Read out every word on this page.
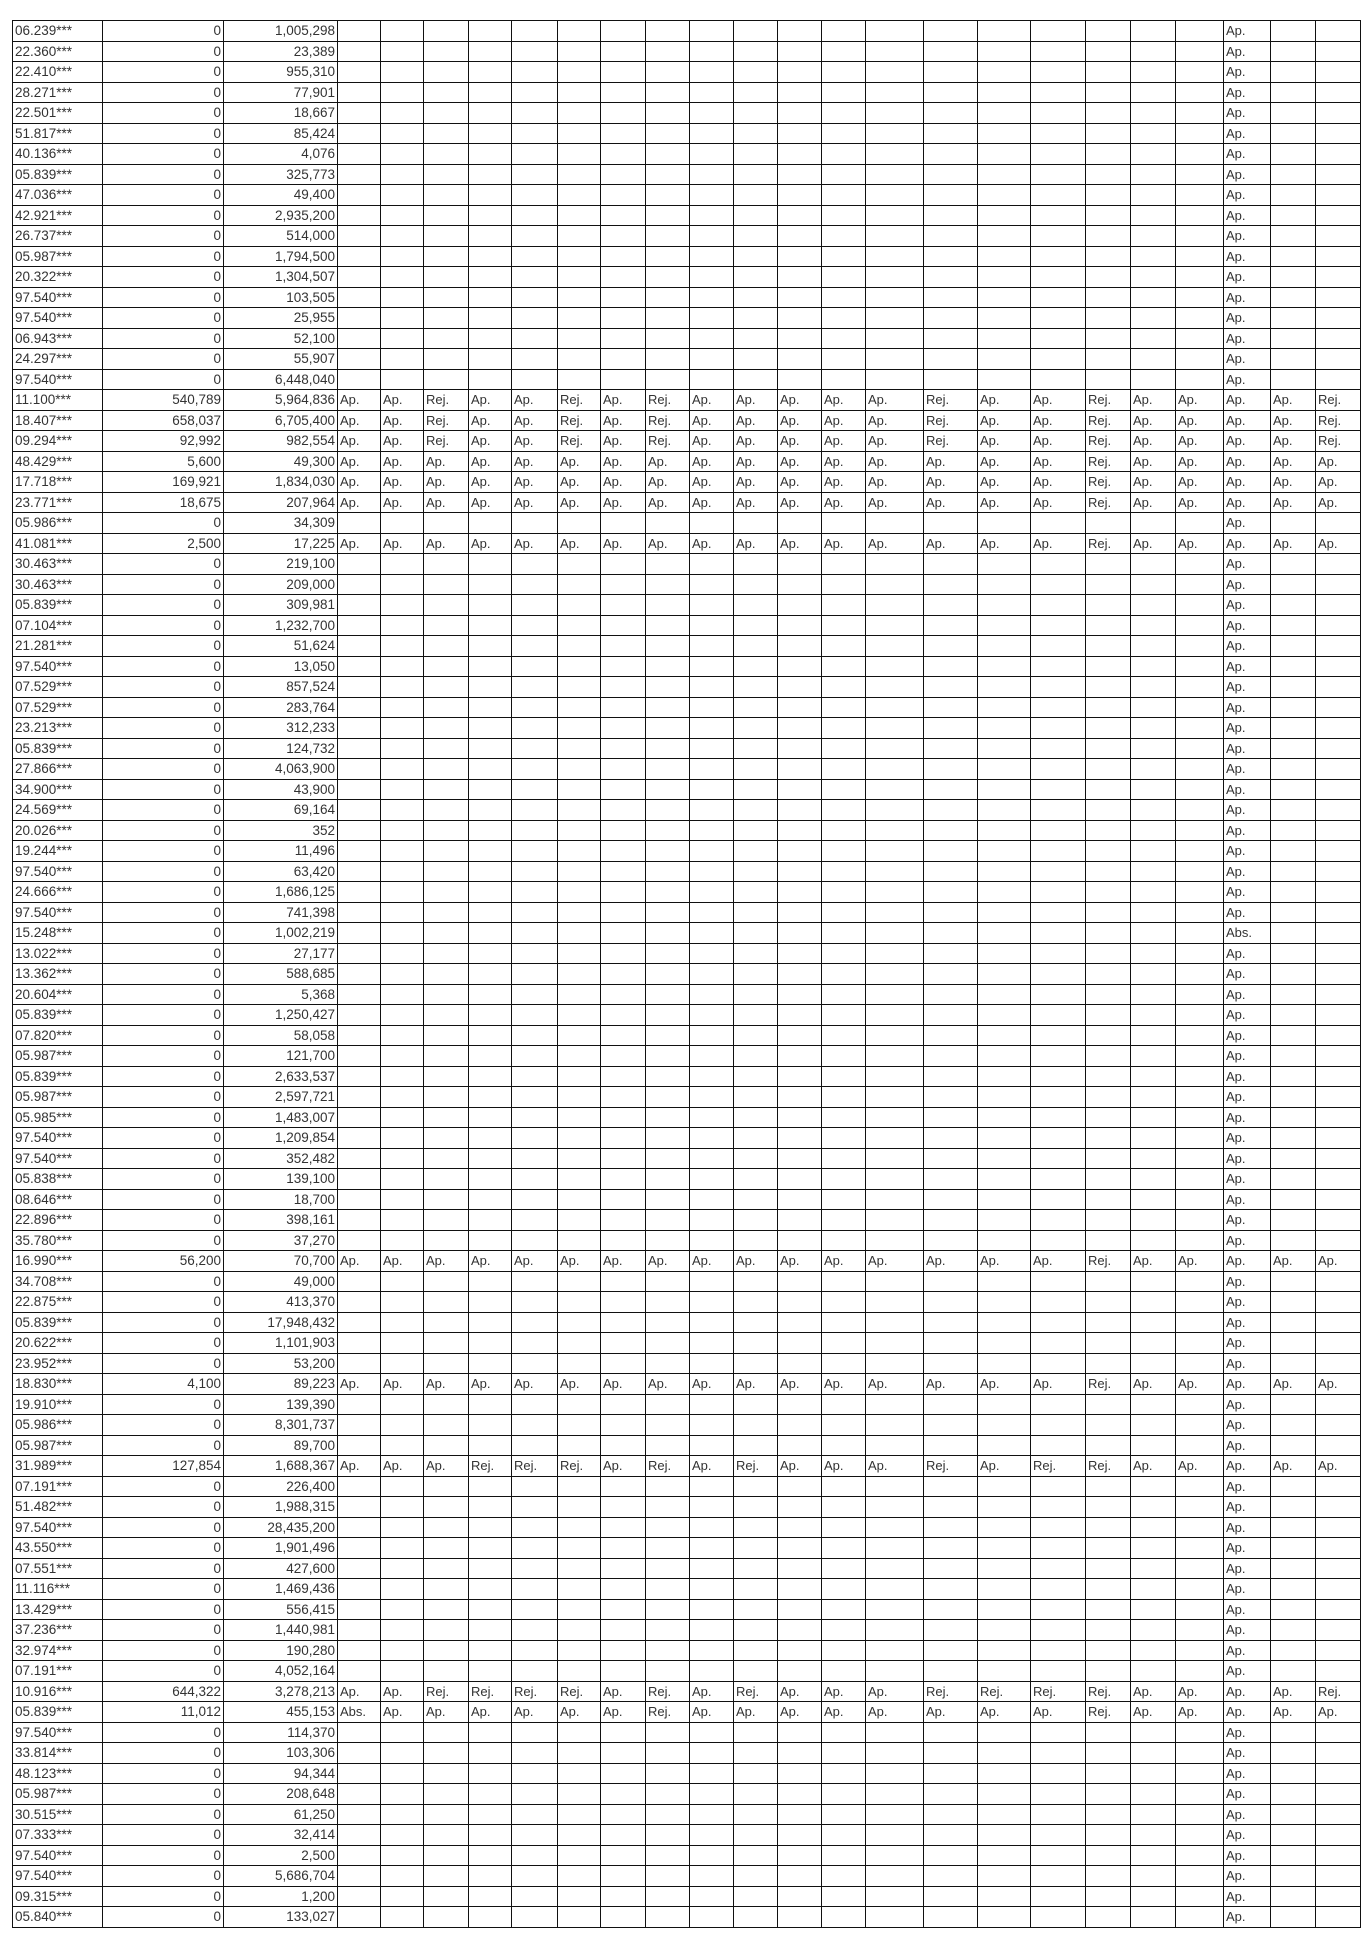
06.239***	0	1,005,298																				Ap.		
22.360***	0	23,389																				Ap.		
22.410***	0	955,310																				Ap.		
28.271***	0	77,901																				Ap.		
22.501***	0	18,667																				Ap.		
51.817***	0	85,424																				Ap.		
40.136***	0	4,076																				Ap.		
05.839***	0	325,773																				Ap.		
47.036***	0	49,400																				Ap.		
42.921***	0	2,935,200																				Ap.		
26.737***	0	514,000																				Ap.		
05.987***	0	1,794,500																				Ap.		
20.322***	0	1,304,507																				Ap.		
97.540***	0	103,505																				Ap.		
97.540***	0	25,955																				Ap.		
06.943***	0	52,100																				Ap.		
24.297***	0	55,907																				Ap.		
97.540***	0	6,448,040																				Ap.		
11.100***	540,789	5,964,836	Ap.	Ap.	Rej.	Ap.	Ap.	Rej.	Ap.	Rej.	Ap.	Ap.	Ap.	Ap.	Ap.	Rej.	Ap.	Ap.	Rej.	Ap.	Ap.	Ap.	Ap.	Rej.
18.407***	658,037	6,705,400	Ap.	Ap.	Rej.	Ap.	Ap.	Rej.	Ap.	Rej.	Ap.	Ap.	Ap.	Ap.	Ap.	Rej.	Ap.	Ap.	Rej.	Ap.	Ap.	Ap.	Ap.	Rej.
09.294***	92,992	982,554	Ap.	Ap.	Rej.	Ap.	Ap.	Rej.	Ap.	Rej.	Ap.	Ap.	Ap.	Ap.	Ap.	Rej.	Ap.	Ap.	Rej.	Ap.	Ap.	Ap.	Ap.	Rej.
48.429***	5,600	49,300	Ap.	Ap.	Ap.	Ap.	Ap.	Ap.	Ap.	Ap.	Ap.	Ap.	Ap.	Ap.	Ap.	Ap.	Ap.	Ap.	Rej.	Ap.	Ap.	Ap.	Ap.	Ap.
17.718***	169,921	1,834,030	Ap.	Ap.	Ap.	Ap.	Ap.	Ap.	Ap.	Ap.	Ap.	Ap.	Ap.	Ap.	Ap.	Ap.	Ap.	Ap.	Rej.	Ap.	Ap.	Ap.	Ap.	Ap.
23.771***	18,675	207,964	Ap.	Ap.	Ap.	Ap.	Ap.	Ap.	Ap.	Ap.	Ap.	Ap.	Ap.	Ap.	Ap.	Ap.	Ap.	Ap.	Rej.	Ap.	Ap.	Ap.	Ap.	Ap.
05.986***	0	34,309																				Ap.		
41.081***	2,500	17,225	Ap.	Ap.	Ap.	Ap.	Ap.	Ap.	Ap.	Ap.	Ap.	Ap.	Ap.	Ap.	Ap.	Ap.	Ap.	Ap.	Rej.	Ap.	Ap.	Ap.	Ap.	Ap.
30.463***	0	219,100																				Ap.		
30.463***	0	209,000																				Ap.		
05.839***	0	309,981																				Ap.		
07.104***	0	1,232,700																				Ap.		
21.281***	0	51,624																				Ap.		
97.540***	0	13,050																				Ap.		
07.529***	0	857,524																				Ap.		
07.529***	0	283,764																				Ap.		
23.213***	0	312,233																				Ap.		
05.839***	0	124,732																				Ap.		
27.866***	0	4,063,900																				Ap.		
34.900***	0	43,900																				Ap.		
24.569***	0	69,164																				Ap.		
20.026***	0	352																				Ap.		
19.244***	0	11,496																				Ap.		
97.540***	0	63,420																				Ap.		
24.666***	0	1,686,125																				Ap.		
97.540***	0	741,398																				Ap.		
15.248***	0	1,002,219																				Abs.		
13.022***	0	27,177																				Ap.		
13.362***	0	588,685																				Ap.		
20.604***	0	5,368																				Ap.		
05.839***	0	1,250,427																				Ap.		
07.820***	0	58,058																				Ap.		
05.987***	0	121,700																				Ap.		
05.839***	0	2,633,537																				Ap.		
05.987***	0	2,597,721																				Ap.		
05.985***	0	1,483,007																				Ap.		
97.540***	0	1,209,854																				Ap.		
97.540***	0	352,482																				Ap.		
05.838***	0	139,100																				Ap.		
08.646***	0	18,700																				Ap.		
22.896***	0	398,161																				Ap.		
35.780***	0	37,270																				Ap.		
16.990***	56,200	70,700	Ap.	Ap.	Ap.	Ap.	Ap.	Ap.	Ap.	Ap.	Ap.	Ap.	Ap.	Ap.	Ap.	Ap.	Ap.	Ap.	Rej.	Ap.	Ap.	Ap.	Ap.	Ap.
34.708***	0	49,000																				Ap.		
22.875***	0	413,370																				Ap.		
05.839***	0	17,948,432																				Ap.		
20.622***	0	1,101,903																				Ap.		
23.952***	0	53,200																				Ap.		
18.830***	4,100	89,223	Ap.	Ap.	Ap.	Ap.	Ap.	Ap.	Ap.	Ap.	Ap.	Ap.	Ap.	Ap.	Ap.	Ap.	Ap.	Ap.	Rej.	Ap.	Ap.	Ap.	Ap.	Ap.
19.910***	0	139,390																				Ap.		
05.986***	0	8,301,737																				Ap.		
05.987***	0	89,700																				Ap.		
31.989***	127,854	1,688,367	Ap.	Ap.	Ap.	Rej.	Rej.	Rej.	Ap.	Rej.	Ap.	Rej.	Ap.	Ap.	Ap.	Rej.	Ap.	Rej.	Rej.	Ap.	Ap.	Ap.	Ap.	Ap.
07.191***	0	226,400																				Ap.		
51.482***	0	1,988,315																				Ap.		
97.540***	0	28,435,200																				Ap.		
43.550***	0	1,901,496																				Ap.		
07.551***	0	427,600																				Ap.		
11.116***	0	1,469,436																				Ap.		
13.429***	0	556,415																				Ap.		
37.236***	0	1,440,981																				Ap.		
32.974***	0	190,280																				Ap.		
07.191***	0	4,052,164																				Ap.		
10.916***	644,322	3,278,213	Ap.	Ap.	Rej.	Rej.	Rej.	Rej.	Ap.	Rej.	Ap.	Rej.	Ap.	Ap.	Ap.	Rej.	Rej.	Rej.	Rej.	Ap.	Ap.	Ap.	Ap.	Rej.
05.839***	11,012	455,153	Abs.	Ap.	Ap.	Ap.	Ap.	Ap.	Ap.	Rej.	Ap.	Ap.	Ap.	Ap.	Ap.	Ap.	Ap.	Ap.	Rej.	Ap.	Ap.	Ap.	Ap.	Ap.
97.540***	0	114,370																				Ap.		
33.814***	0	103,306																				Ap.		
48.123***	0	94,344																				Ap.		
05.987***	0	208,648																				Ap.		
30.515***	0	61,250																				Ap.		
07.333***	0	32,414																				Ap.		
97.540***	0	2,500																				Ap.		
97.540***	0	5,686,704																				Ap.		
09.315***	0	1,200																				Ap.		
05.840***	0	133,027																				Ap.		
